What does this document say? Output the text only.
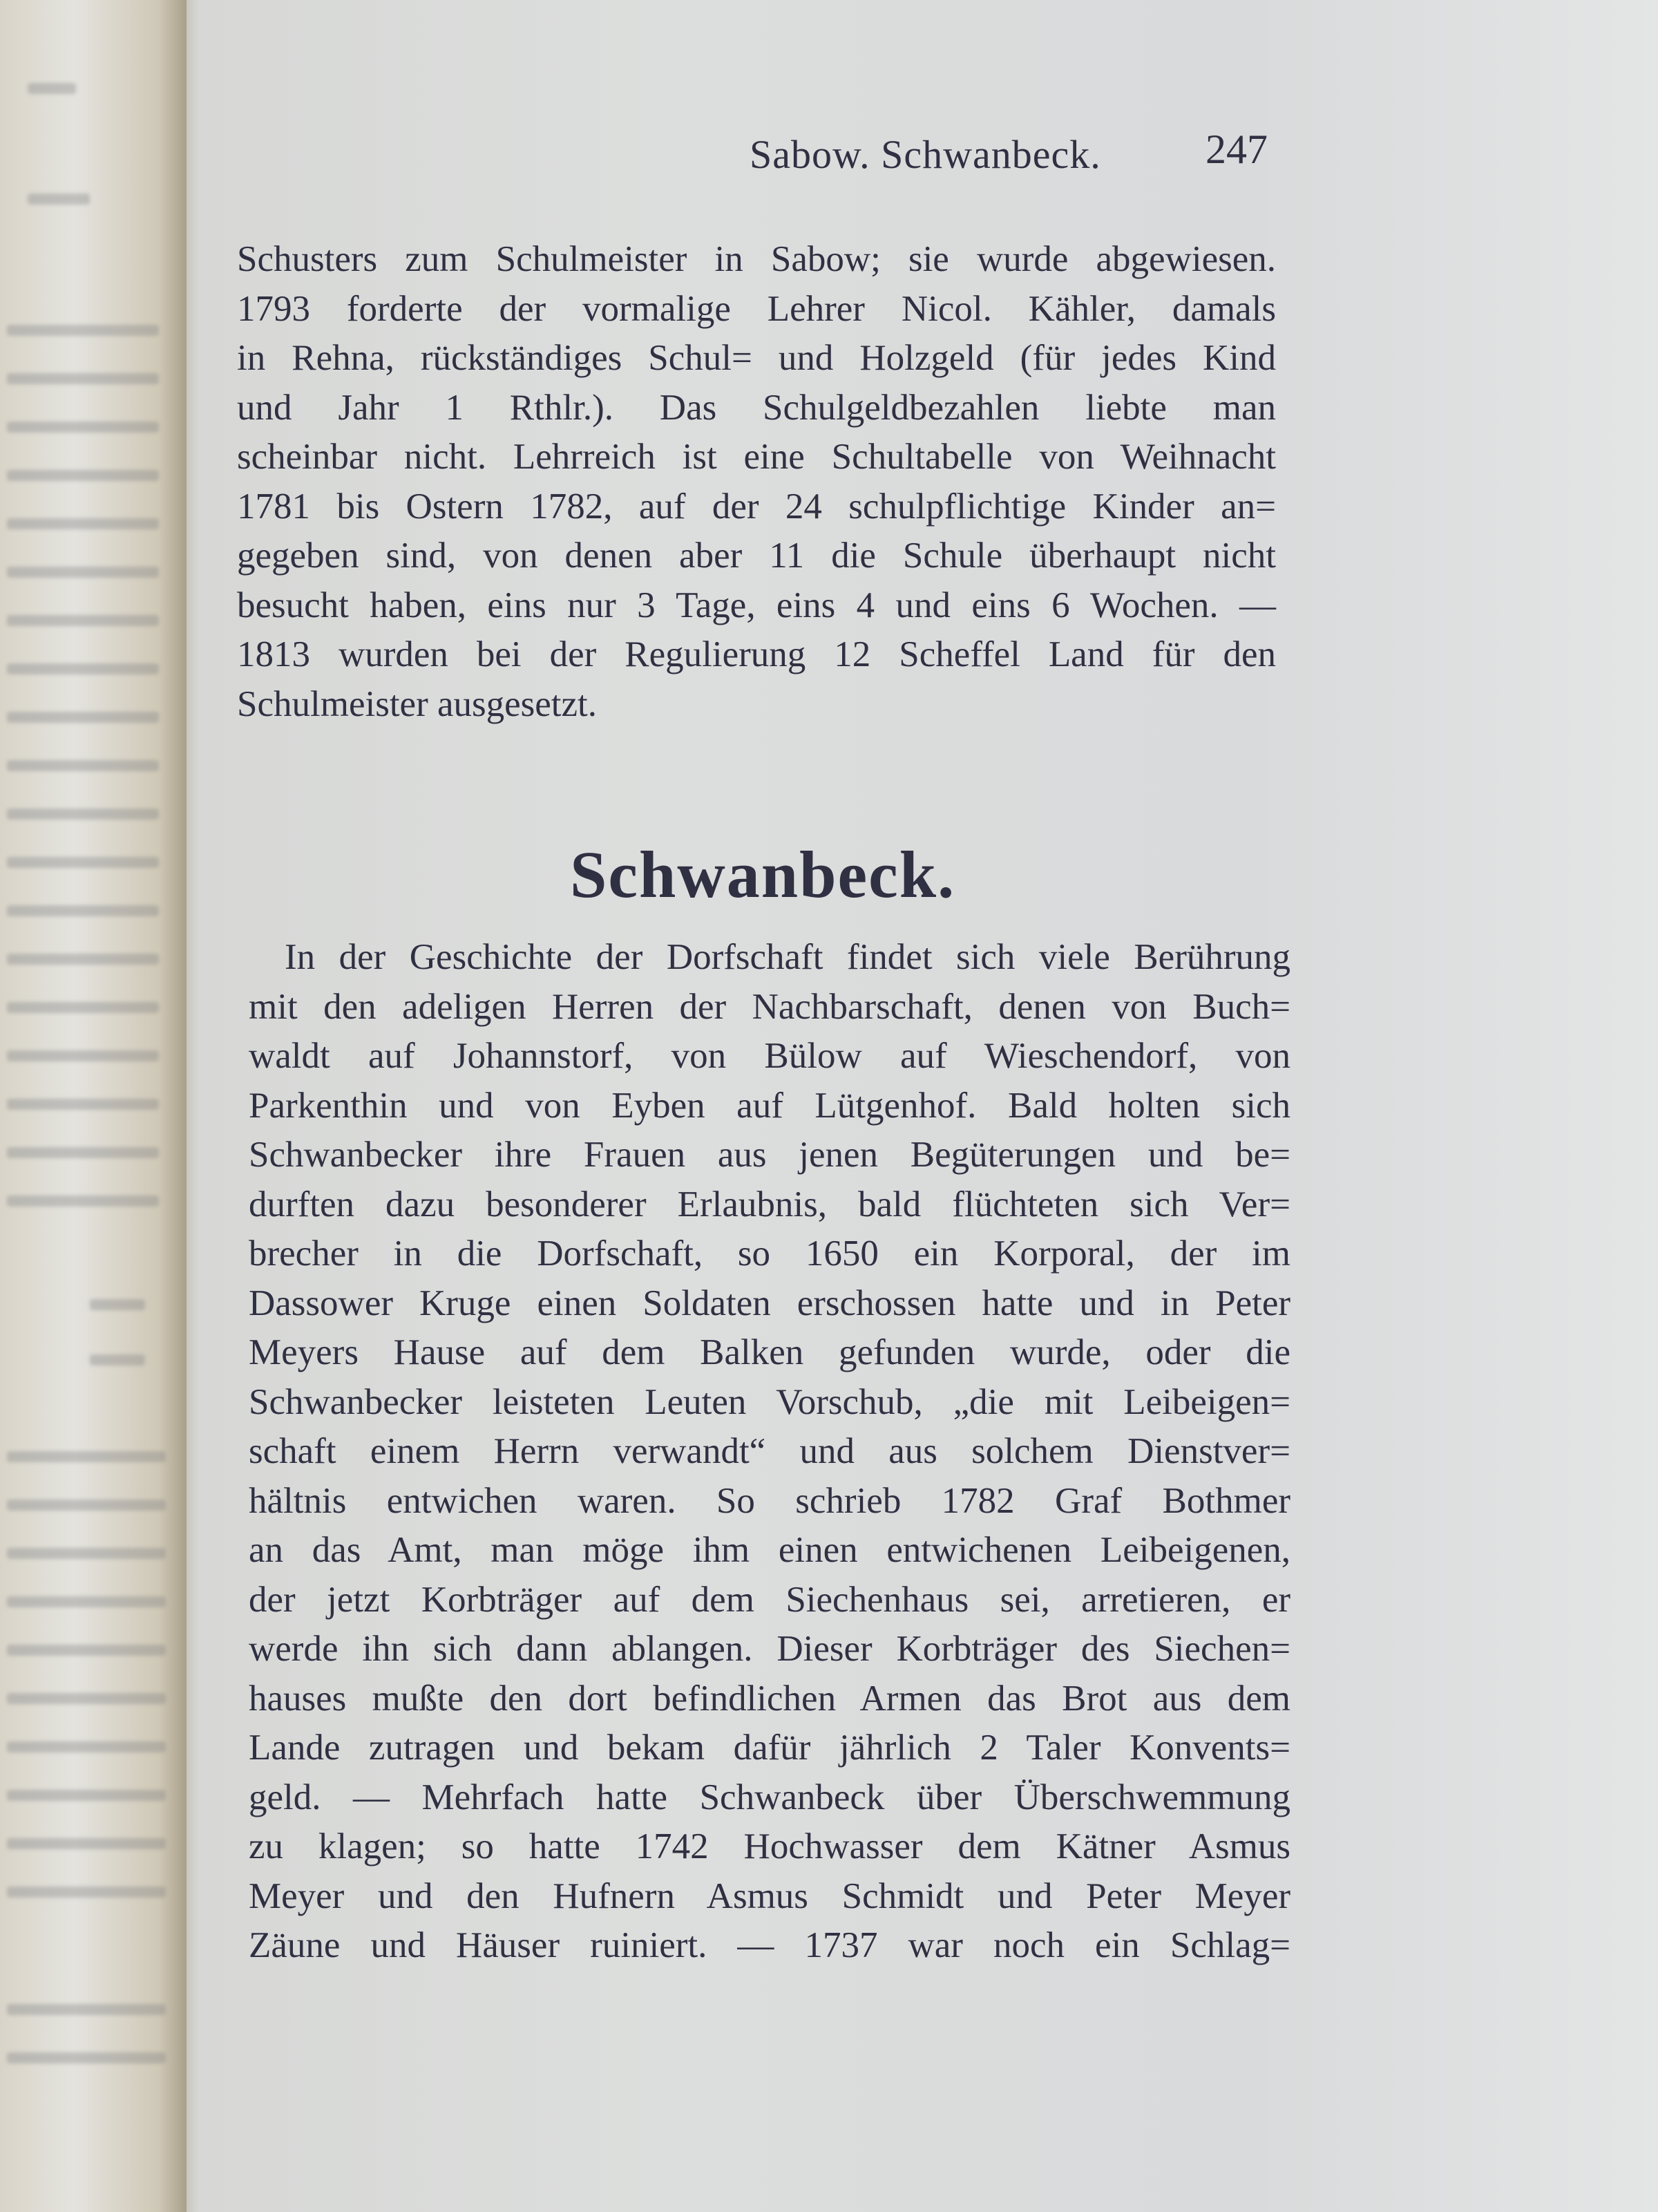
Sabow. Schwanbeck.	247
Schusters zum Schulmeister in Sabow; sie wurde abgewiesen.
1793 forderte der vormalige Lehrer Nicol. Kähler, damals
in Rehna, rückständiges Schul= und Holzgeld (für jedes Kind
und Jahr 1 Rthlr.). Das Schulgeldbezahlen liebte man
scheinbar nicht. Lehrreich ist eine Schultabelle von Weihnacht
1781 bis Ostern 1782, auf der 24 schulpflichtige Kinder an=
gegeben sind, von denen aber 11 die Schule überhaupt nicht
besucht haben, eins nur 3 Tage, eins 4 und eins 6 Wochen. —
1813 wurden bei der Regulierung 12 Scheffel Land für den
Schulmeister ausgesetzt.
Schwanbeck.
In der Geschichte der Dorfschaft findet sich viele Berührung
mit den adeligen Herren der Nachbarschaft, denen von Buch=
waldt auf Johannstorf, von Bülow auf Wieschendorf, von
Parkenthin und von Eyben auf Lütgenhof. Bald holten sich
Schwanbecker ihre Frauen aus jenen Begüterungen und be=
durften dazu besonderer Erlaubnis, bald flüchteten sich Ver=
brecher in die Dorfschaft, so 1650 ein Korporal, der im
Dassower Kruge einen Soldaten erschossen hatte und in Peter
Meyers Hause auf dem Balken gefunden wurde, oder die
Schwanbecker leisteten Leuten Vorschub, „die mit Leibeigen=
schaft einem Herrn verwandt“ und aus solchem Dienstver=
hältnis entwichen waren. So schrieb 1782 Graf Bothmer
an das Amt, man möge ihm einen entwichenen Leibeigenen,
der jetzt Korbträger auf dem Siechenhaus sei, arretieren, er
werde ihn sich dann ablangen. Dieser Korbträger des Siechen=
hauses mußte den dort befindlichen Armen das Brot aus dem
Lande zutragen und bekam dafür jährlich 2 Taler Konvents=
geld. — Mehrfach hatte Schwanbeck über Überschwemmung
zu klagen; so hatte 1742 Hochwasser dem Kätner Asmus
Meyer und den Hufnern Asmus Schmidt und Peter Meyer
Zäune und Häuser ruiniert. — 1737 war noch ein Schlag=
